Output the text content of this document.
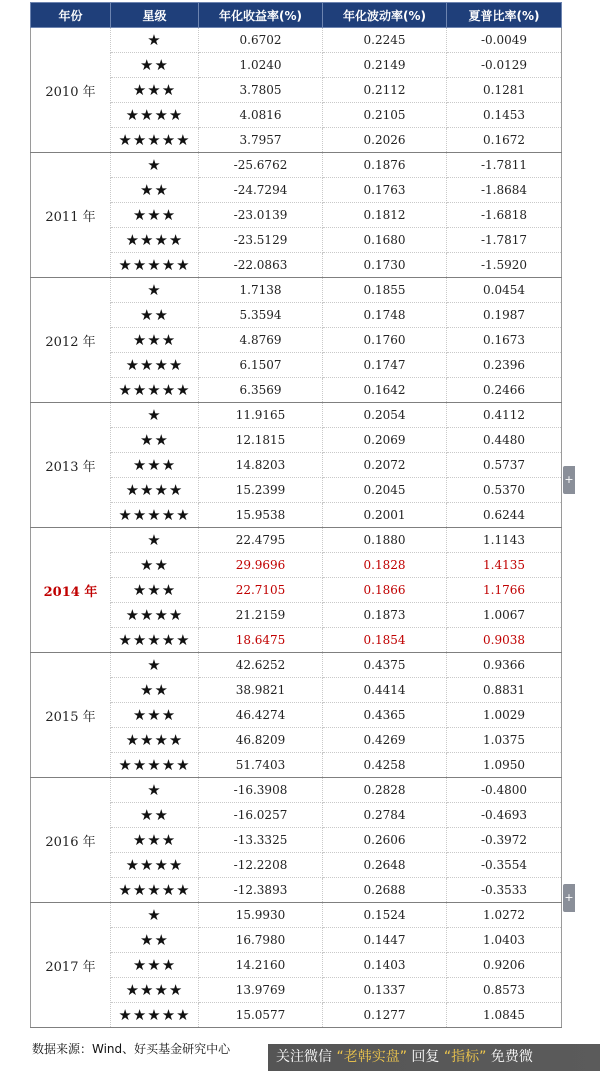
年份	星级	年化收益率(%)	年化波动率(%)	夏普比率(%)
2010 年	★	0.6702	0.2245	-0.0049
	★★	1.0240	0.2149	-0.0129
	★★★	3.7805	0.2112	0.1281
	★★★★	4.0816	0.2105	0.1453
	★★★★★	3.7957	0.2026	0.1672
2011 年	★	-25.6762	0.1876	-1.7811
	★★	-24.7294	0.1763	-1.8684
	★★★	-23.0139	0.1812	-1.6818
	★★★★	-23.5129	0.1680	-1.7817
	★★★★★	-22.0863	0.1730	-1.5920
2012 年	★	1.7138	0.1855	0.0454
	★★	5.3594	0.1748	0.1987
	★★★	4.8769	0.1760	0.1673
	★★★★	6.1507	0.1747	0.2396
	★★★★★	6.3569	0.1642	0.2466
2013 年	★	11.9165	0.2054	0.4112
	★★	12.1815	0.2069	0.4480
	★★★	14.8203	0.2072	0.5737
	★★★★	15.2399	0.2045	0.5370
	★★★★★	15.9538	0.2001	0.6244
2014 年	★	22.4795	0.1880	1.1143
	★★	29.9696	0.1828	1.4135
	★★★	22.7105	0.1866	1.1766
	★★★★	21.2159	0.1873	1.0067
	★★★★★	18.6475	0.1854	0.9038
2015 年	★	42.6252	0.4375	0.9366
	★★	38.9821	0.4414	0.8831
	★★★	46.4274	0.4365	1.0029
	★★★★	46.8209	0.4269	1.0375
	★★★★★	51.7403	0.4258	1.0950
2016 年	★	-16.3908	0.2828	-0.4800
	★★	-16.0257	0.2784	-0.4693
	★★★	-13.3325	0.2606	-0.3972
	★★★★	-12.2208	0.2648	-0.3554
	★★★★★	-12.3893	0.2688	-0.3533
2017 年	★	15.9930	0.1524	1.0272
	★★	16.7980	0.1447	1.0403
	★★★	14.2160	0.1403	0.9206
	★★★★	13.9769	0.1337	0.8573
	★★★★★	15.0577	0.1277	1.0845
数据来源：Wind、好买基金研究中心
+
+
关注微信 “老韩实盘” 回复 “指标” 免费微
